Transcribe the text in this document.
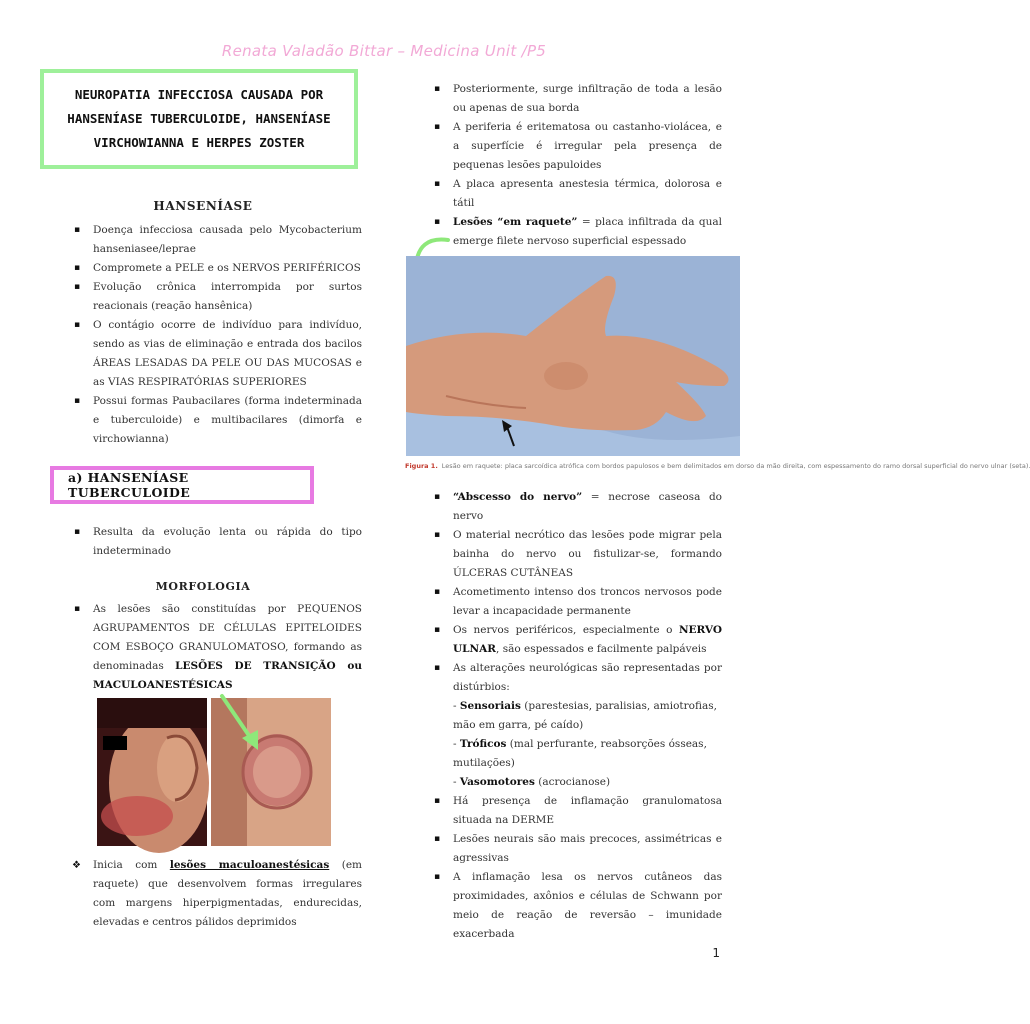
Renata Valadão Bittar – Medicina Unit /P5
NEUROPATIA INFECCIOSA CAUSADA POR HANSENÍASE TUBERCULOIDE, HANSENÍASE VIRCHOWIANNA E HERPES ZOSTER
HANSENÍASE
▪ Doença infecciosa causada pelo Mycobacterium hanseniasee/leprae
▪ Compromete a PELE e os NERVOS PERIFÉRICOS
▪ Evolução crônica interrompida por surtos reacionais (reação hansênica)
▪ O contágio ocorre de indivíduo para indivíduo, sendo as vias de eliminação e entrada dos bacilos ÁREAS LESADAS DA PELE OU DAS MUCOSAS e as VIAS RESPIRATÓRIAS SUPERIORES
▪ Possui formas Paubacilares (forma indeterminada e tuberculoide) e multibacilares (dimorfa e virchowianna)
a) HANSENÍASE TUBERCULOIDE
▪ Resulta da evolução lenta ou rápida do tipo indeterminado
MORFOLOGIA
▪ As lesões são constituídas por PEQUENOS AGRUPAMENTOS DE CÉLULAS EPITELOIDES COM ESBOÇO GRANULOMATOSO, formando as denominadas LESÕES DE TRANSIÇÃO ou MACULOANESTÉSICAS
❖ Inicia com lesões maculoanestésicas (em raquete) que desenvolvem formas irregulares com margens hiperpigmentadas, endurecidas, elevadas e centros pálidos deprimidos
▪ Posteriormente, surge infiltração de toda a lesão ou apenas de sua borda
▪ A periferia é eritematosa ou castanho-violácea, e a superfície é irregular pela presença de pequenas lesões papuloides
▪ A placa apresenta anestesia térmica, dolorosa e tátil
▪ Lesões “em raquete” = placa infiltrada da qual emerge filete nervoso superficial espessado
Figura 1. Lesão em raquete: placa sarcoídica atrófica com bordos papulosos e bem delimitados em dorso da mão direita, com espessamento do ramo dorsal superficial do nervo ulnar (seta).
▪ “Abscesso do nervo” = necrose caseosa do nervo
▪ O material necrótico das lesões pode migrar pela bainha do nervo ou fistulizar-se, formando ÚLCERAS CUTÂNEAS
▪ Acometimento intenso dos troncos nervosos pode levar a incapacidade permanente
▪ Os nervos periféricos, especialmente o NERVO ULNAR, são espessados e facilmente palpáveis
▪ As alterações neurológicas são representadas por distúrbios:
- Sensoriais (parestesias, paralisias, amiotrofias, mão em garra, pé caído)
- Tróficos (mal perfurante, reabsorções ósseas, mutilações)
- Vasomotores (acrocianose)
▪ Há presença de inflamação granulomatosa situada na DERME
▪ Lesões neurais são mais precoces, assimétricas e agressivas
▪ A inflamação lesa os nervos cutâneos das proximidades, axônios e células de Schwann por meio de reação de reversão – imunidade exacerbada
1
